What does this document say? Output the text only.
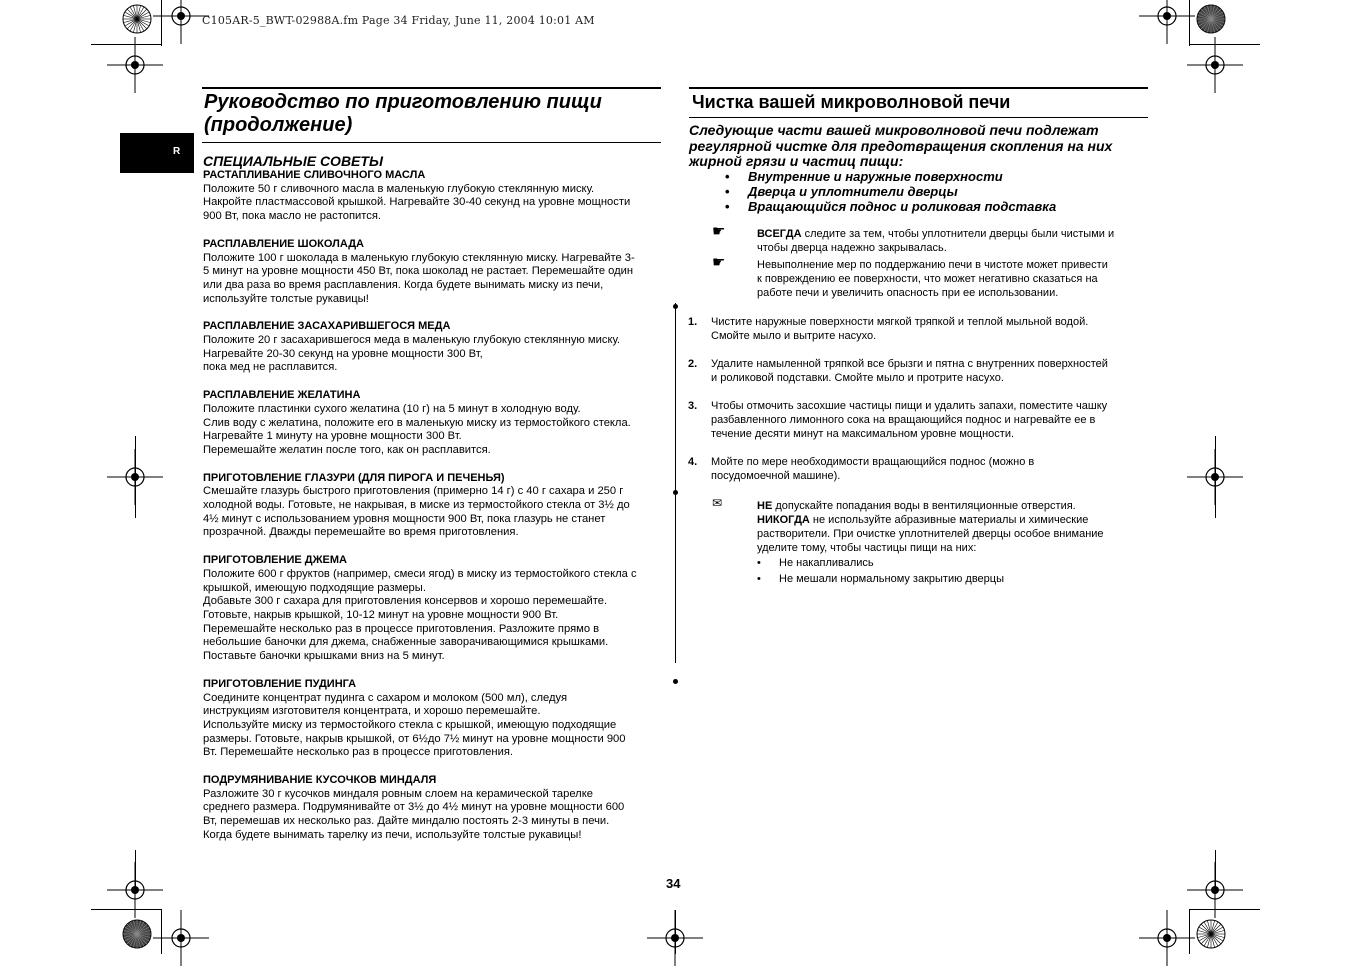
C105AR-5_BWT-02988A.fm Page 34 Friday, June 11, 2004 10:01 AM
R
Руководство по приготовлению пищи (продолжение)
Чистка вашей микроволновой печи
СПЕЦИАЛЬНЫЕ СОВЕТЫ
РАСТАПЛИВАНИЕ СЛИВОЧНОГО МАСЛА
Положите 50 г сливочного масла в маленькую глубокую стеклянную миску.
Накройте пластмассовой крышкой. Нагревайте 30-40 секунд на уровне мощности
900 Вт, пока масло не растопится.
РАСПЛАВЛЕНИЕ ШОКОЛАДА
Положите 100 г шоколада в маленькую глубокую стеклянную миску. Нагревайте 3-
5 минут на уровне мощности 450 Вт, пока шоколад не растает. Перемешайте один
или два раза во время расплавления. Когда будете вынимать миску из печи,
используйте толстые рукавицы!
РАСПЛАВЛЕНИЕ ЗАСАХАРИВШЕГОСЯ МЕДА
Положите 20 г засахарившегося меда в маленькую глубокую стеклянную миску.
Нагревайте 20-30 секунд на уровне мощности 300 Вт,
пока мед не расплавится.
РАСПЛАВЛЕНИЕ ЖЕЛАТИНА
Положите пластинки сухого желатина (10 г) на 5 минут в холодную воду.
Слив воду с желатина, положите его в маленькую миску из термостойкого стекла.
Нагревайте 1 минуту на уровне мощности 300 Вт.
Перемешайте желатин после того, как он расплавится.
ПРИГОТОВЛЕНИЕ ГЛАЗУРИ (ДЛЯ ПИРОГА И ПЕЧЕНЬЯ)
Смешайте глазурь быстрого приготовления (примерно 14 г) с 40 г сахара и 250 г
холодной воды. Готовьте, не накрывая, в миске из термостойкого стекла от 3½ до
4½ минут с использованием уровня мощности 900 Вт, пока глазурь не станет
прозрачной. Дважды перемешайте во время приготовления.
ПРИГОТОВЛЕНИЕ ДЖЕМА
Положите 600 г фруктов (например, смеси ягод) в миску из термостойкого стекла с
крышкой, имеющую подходящие размеры.
Добавьте 300 г сахара для приготовления консервов и хорошо перемешайте.
Готовьте, накрыв крышкой, 10-12 минут на уровне мощности 900 Вт.
Перемешайте несколько раз в процессе приготовления. Разложите прямо в
небольшие баночки для джема, снабженные заворачивающимися крышками.
Поставьте баночки крышками вниз на 5 минут.
ПРИГОТОВЛЕНИЕ ПУДИНГА
Соедините концентрат пудинга с сахаром и молоком (500 мл), следуя
инструкциям изготовителя концентрата, и хорошо перемешайте.
Используйте миску из термостойкого стекла с крышкой, имеющую подходящие
размеры. Готовьте, накрыв крышкой, от 6½до 7½ минут на уровне мощности 900
Вт. Перемешайте несколько раз в процессе приготовления.
ПОДРУМЯНИВАНИЕ КУСОЧКОВ МИНДАЛЯ
Разложите 30 г кусочков миндаля ровным слоем на керамической тарелке
среднего размера. Подрумянивайте от 3½ до 4½ минут на уровне мощности 600
Вт, перемешав их несколько раз. Дайте миндалю постоять 2-3 минуты в печи.
Когда будете вынимать тарелку из печи, используйте толстые рукавицы!
Следующие части вашей микроволновой печи подлежат
регулярной чистке для предотвращения скопления на них
жирной грязи и частиц пищи:
• Внутренние и наружные поверхности
• Дверца и уплотнители дверцы
• Вращающийся поднос и роликовая подставка
☛	ВСЕГДА следите за тем, чтобы уплотнители дверцы были чистыми и
чтобы дверца надежно закрывалась.
☛	Невыполнение мер по поддержанию печи в чистоте может привести
к повреждению ее поверхности, что может негативно сказаться на
работе печи и увеличить опасность при ее использовании.
1. Чистите наружные поверхности мягкой тряпкой и теплой мыльной водой.
Смойте мыло и вытрите насухо.
2. Удалите намыленной тряпкой все брызги и пятна с внутренних поверхностей
и роликовой подставки. Смойте мыло и протрите насухо.
3. Чтобы отмочить засохшие частицы пищи и удалить запахи, поместите чашку
разбавленного лимонного сока на вращающийся поднос и нагревайте ее в
течение десяти минут на максимальном уровне мощности.
4. Мойте по мере необходимости вращающийся поднос (можно в
посудомоечной машине).
✉	НЕ допускайте попадания воды в вентиляционные отверстия.
НИКОГДА не используйте абразивные материалы и химические
растворители. При очистке уплотнителей дверцы особое внимание
уделите тому, чтобы частицы пищи на них:
• Не накапливались
• Не мешали нормальному закрытию дверцы
34
